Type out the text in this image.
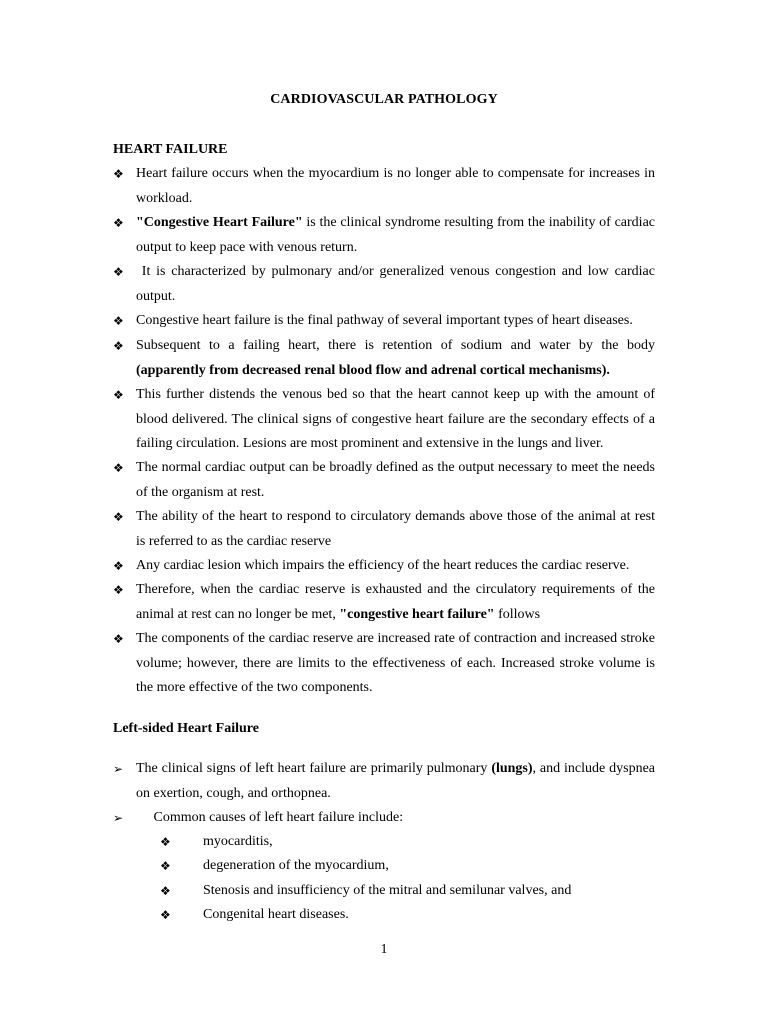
CARDIOVASCULAR PATHOLOGY
HEART FAILURE
❖ Heart failure occurs when the myocardium is no longer able to compensate for increases in workload.
❖ "Congestive Heart Failure" is the clinical syndrome resulting from the inability of cardiac output to keep pace with venous return.
❖ It is characterized by pulmonary and/or generalized venous congestion and low cardiac output.
❖ Congestive heart failure is the final pathway of several important types of heart diseases.
❖ Subsequent to a failing heart, there is retention of sodium and water by the body (apparently from decreased renal blood flow and adrenal cortical mechanisms).
❖ This further distends the venous bed so that the heart cannot keep up with the amount of blood delivered. The clinical signs of congestive heart failure are the secondary effects of a failing circulation. Lesions are most prominent and extensive in the lungs and liver.
❖ The normal cardiac output can be broadly defined as the output necessary to meet the needs of the organism at rest.
❖ The ability of the heart to respond to circulatory demands above those of the animal at rest is referred to as the cardiac reserve
❖ Any cardiac lesion which impairs the efficiency of the heart reduces the cardiac reserve.
❖ Therefore, when the cardiac reserve is exhausted and the circulatory requirements of the animal at rest can no longer be met, "congestive heart failure" follows
❖ The components of the cardiac reserve are increased rate of contraction and increased stroke volume; however, there are limits to the effectiveness of each. Increased stroke volume is the more effective of the two components.
Left-sided Heart Failure
➢ The clinical signs of left heart failure are primarily pulmonary (lungs), and include dyspnea on exertion, cough, and orthopnea.
➢ Common causes of left heart failure include:
❖	myocarditis,
❖	degeneration of the myocardium,
❖	Stenosis and insufficiency of the mitral and semilunar valves, and
❖	Congenital heart diseases.
1
